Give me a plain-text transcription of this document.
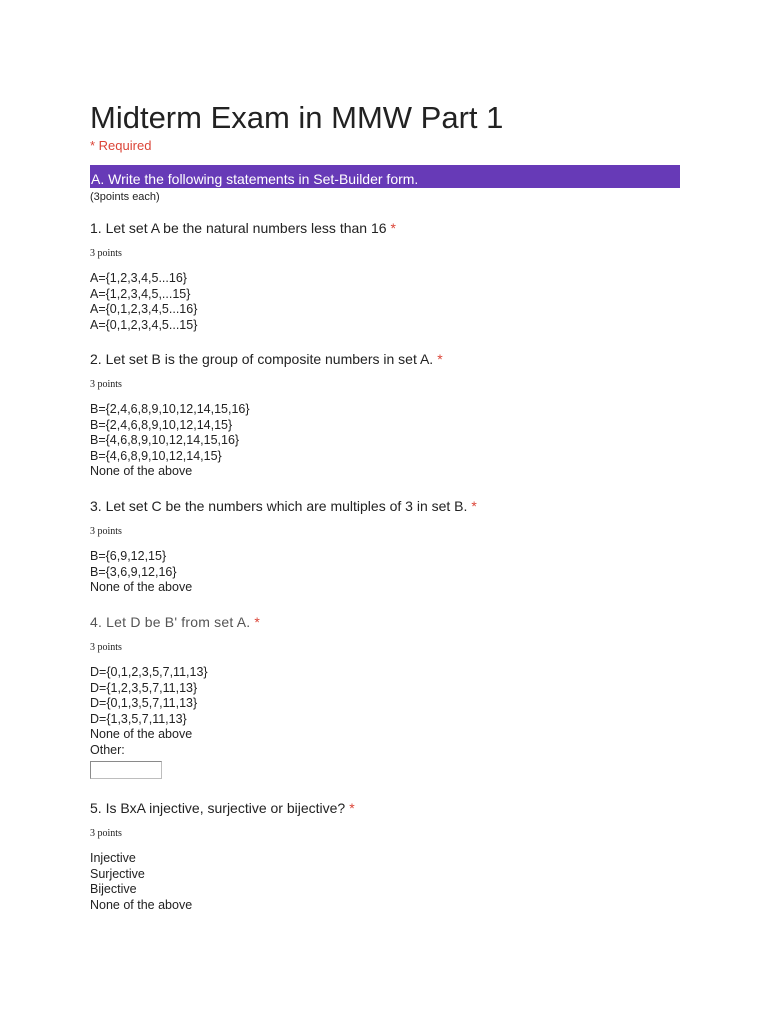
Midterm Exam in MMW Part 1
* Required
A. Write the following statements in Set-Builder form.
(3points each)
1. Let set A be the natural numbers less than 16 *
3 points
A={1,2,3,4,5...16}
A={1,2,3,4,5,...15}
A={0,1,2,3,4,5...16}
A={0,1,2,3,4,5...15}
2. Let set B is the group of composite numbers in set A. *
3 points
B={2,4,6,8,9,10,12,14,15,16}
B={2,4,6,8,9,10,12,14,15}
B={4,6,8,9,10,12,14,15,16}
B={4,6,8,9,10,12,14,15}
None of the above
3. Let set C be the numbers which are multiples of 3 in set B. *
3 points
B={6,9,12,15}
B={3,6,9,12,16}
None of the above
4. Let D be B' from set A. *
3 points
D={0,1,2,3,5,7,11,13}
D={1,2,3,5,7,11,13}
D={0,1,3,5,7,11,13}
D={1,3,5,7,11,13}
None of the above
Other:
5. Is BxA injective, surjective or bijective? *
3 points
Injective
Surjective
Bijective
None of the above
